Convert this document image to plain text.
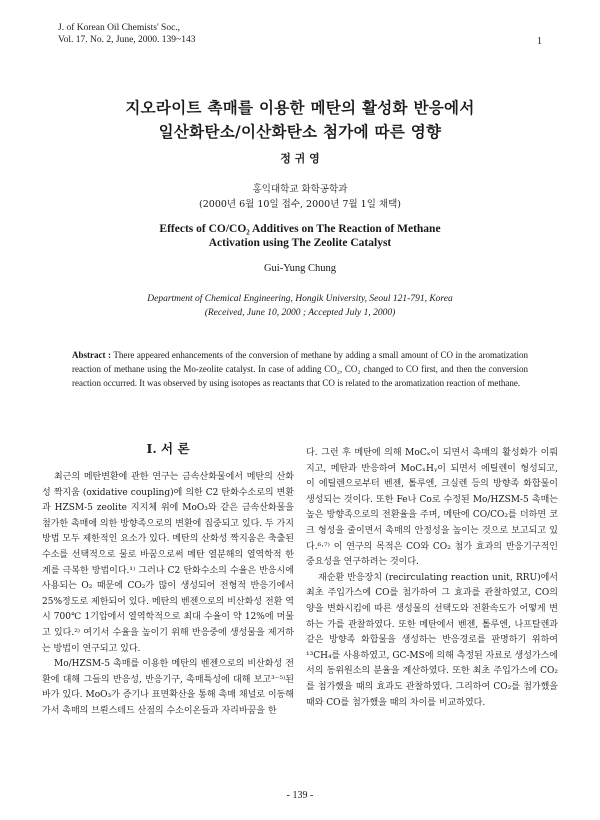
J. of Korean Oil Chemists' Soc.,
Vol. 17. No. 2, June, 2000. 139~143	1
지오라이트 촉매를 이용한 메탄의 활성화 반응에서
일산화탄소/이산화탄소 첨가에 따른 영향
정 귀 영
홍익대학교 화학공학과
(2000년 6월 10일 접수, 2000년 7월 1일 채택)
Effects of CO/CO₂ Additives on The Reaction of Methane
Activation using The Zeolite Catalyst
Gui-Yung Chung
Department of Chemical Engineering, Hongik University, Seoul 121-791, Korea
(Received, June 10, 2000 ; Accepted July 1, 2000)
Abstract : There appeared enhancements of the conversion of methane by adding a small amount of CO in the aromatization reaction of methane using the Mo-zeolite catalyst. In case of adding CO₂, CO₂ changed to CO first, and then the conversion reaction occurred. It was observed by using isotopes as reactants that CO is related to the aromatization reaction of methane.
I. 서 론

최근의 메탄변환에 관한 연구는 금속산화물에서 메탄의 산화성 짝지움 (oxidative coupling)에 의한 C2 탄화수소로의 변환과 HZSM-5 zeolite 지지체 위에 MoO₃와 같은 금속산화물을 첨가한 촉매에 의한 방향족으로의 변환에 집중되고 있다. 두 가지 방법 모두 제한적인 요소가 있다. 메탄의 산화성 짝지움은 축출된 수소를 선택적으로 물로 바꿈으로써 메탄 열분해의 열역학적 한계를 극복한 방법이다.¹⁾ 그러나 C2 탄화수소의 수율은 반응시에 사용되는 O₂ 때문에 CO₂가 많이 생성되어 전형적 반응기에서 25%정도로 제한되어 있다. 메탄의 벤젠으로의 비산화성 전환 역시 700℃ 1기압에서 열역학적으로 최대 수율이 약 12%에 머물고 있다.²⁾ 여기서 수율을 높이기 위해 반응중에 생성물을 제거하는 방법이 연구되고 있다.

Mo/HZSM-5 촉매를 이용한 메탄의 벤젠으로의 비산화성 전환에 대해 그들의 반응성, 반응기구, 촉매특성에 대해 보고³⁻⁵⁾된 바가 있다. MoO₃가 증기나 표면확산을 통해 촉매 채널로 이동해 가서 촉매의 브뢴스테드 산점의 수소이온들과 자리바꿈을 한

다. 그런 후 메탄에 의해 MoCₓ이 되면서 촉매의 활성화가 이뤄지고, 메탄과 반응하여 MoCₓHᵧ이 되면서 에틸렌이 형성되고, 이 에틸렌으로부터 벤젠, 톨루엔, 크실렌 등의 방향족 화합물이 생성되는 것이다. 또한 Fe나 Co로 수정된 Mo/HZSM-5 촉매는 높은 방향족으로의 전환율을 주며, 메탄에 CO/CO₂를 더하면 코크 형성을 줄이면서 촉매의 안정성을 높이는 것으로 보고되고 있다.⁶·⁷⁾ 이 연구의 목적은 CO와 CO₂ 첨가 효과의 반응기구적인 중요성을 연구하려는 것이다.

재순환 반응장치 (recirculating reaction unit, RRU)에서 최초 주입가스에 CO를 첨가하여 그 효과를 관찰하였고, CO의 양을 변화시킴에 따른 생성물의 선택도와 전환속도가 어떻게 변하는 가를 관찰하였다. 또한 메탄에서 벤젠, 톨루엔, 나프탈렌과 같은 방향족 화합물을 생성하는 반응경로를 판명하기 위하여 ¹³CH₄를 사용하였고, GC-MS에 의해 측정된 자료로 생성가스에서의 동위원소의 분율을 계산하였다. 또한 최초 주입가스에 CO₂를 첨가했을 때의 효과도 관찰하였다. 그리하여 CO₂를 첨가했을 때와 CO를 첨가했을 때의 차이를 비교하였다.

- 139 -
